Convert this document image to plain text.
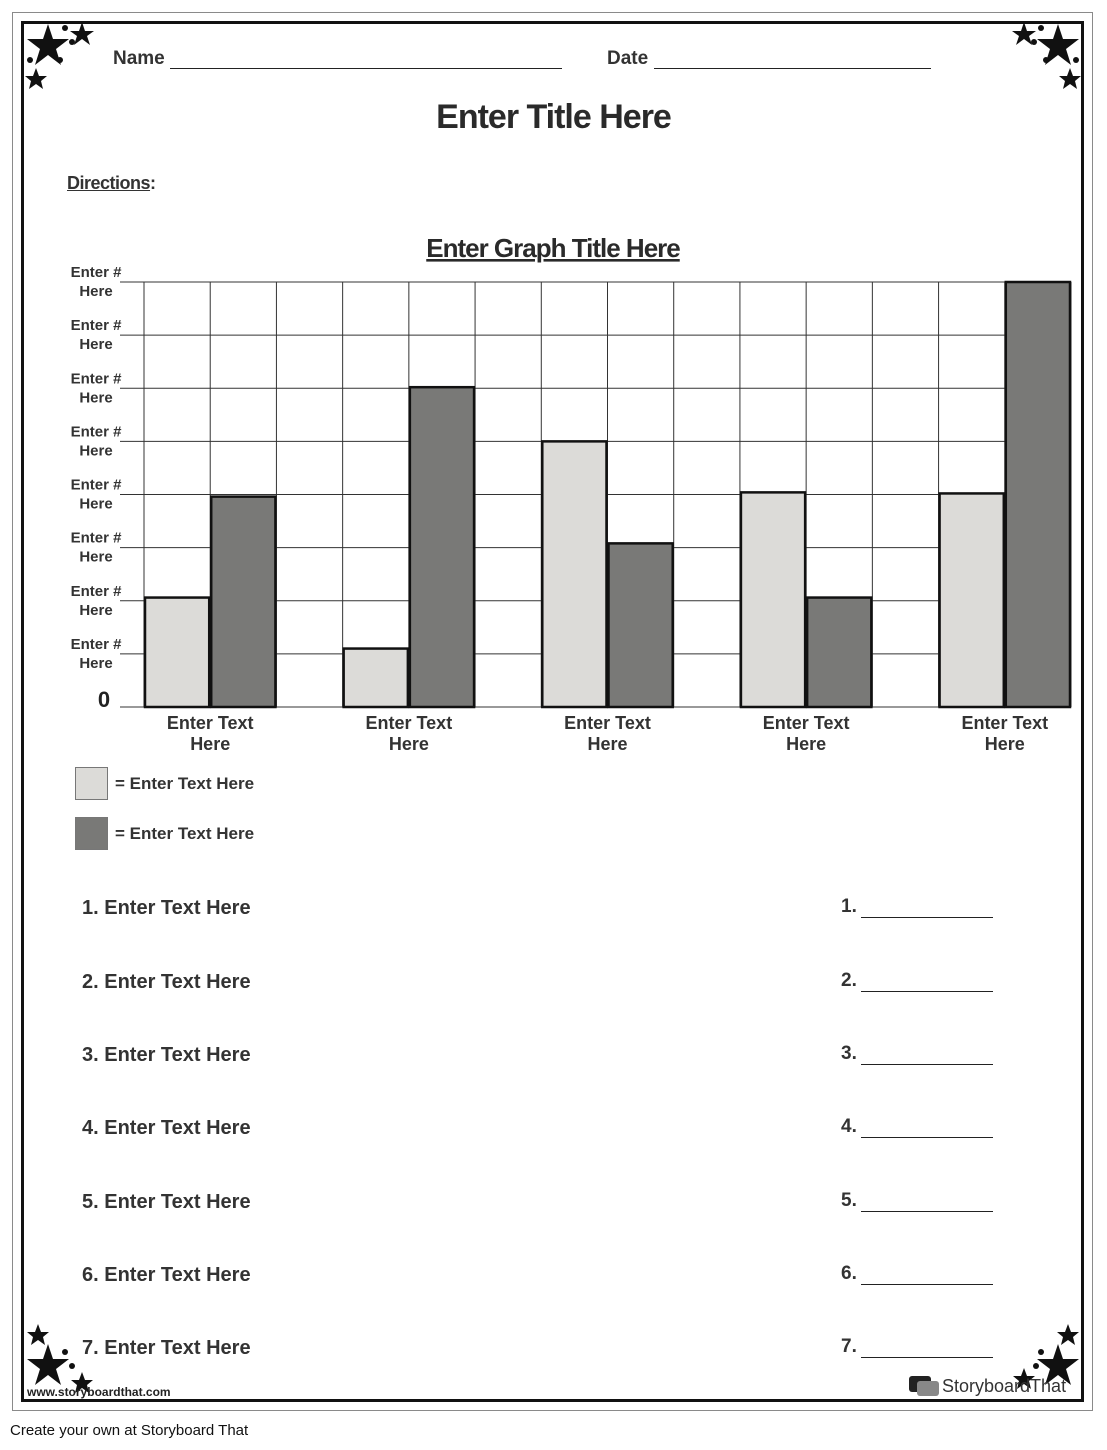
Name	Date
Enter Title Here
Directions:
Enter Graph Title Here
0
Enter # Here
Enter # Here
Enter # Here
Enter # Here
Enter # Here
Enter # Here
Enter # Here
Enter # Here
Enter Text Here
Enter Text Here
Enter Text Here
Enter Text Here
Enter Text Here
= Enter Text Here
= Enter Text Here
1. Enter Text Here	1.
2. Enter Text Here	2.
3. Enter Text Here	3.
4. Enter Text Here	4.
5. Enter Text Here	5.
6. Enter Text Here	6.
7. Enter Text Here	7.
www.storyboardthat.com	StoryboardThat
Create your own at Storyboard That
